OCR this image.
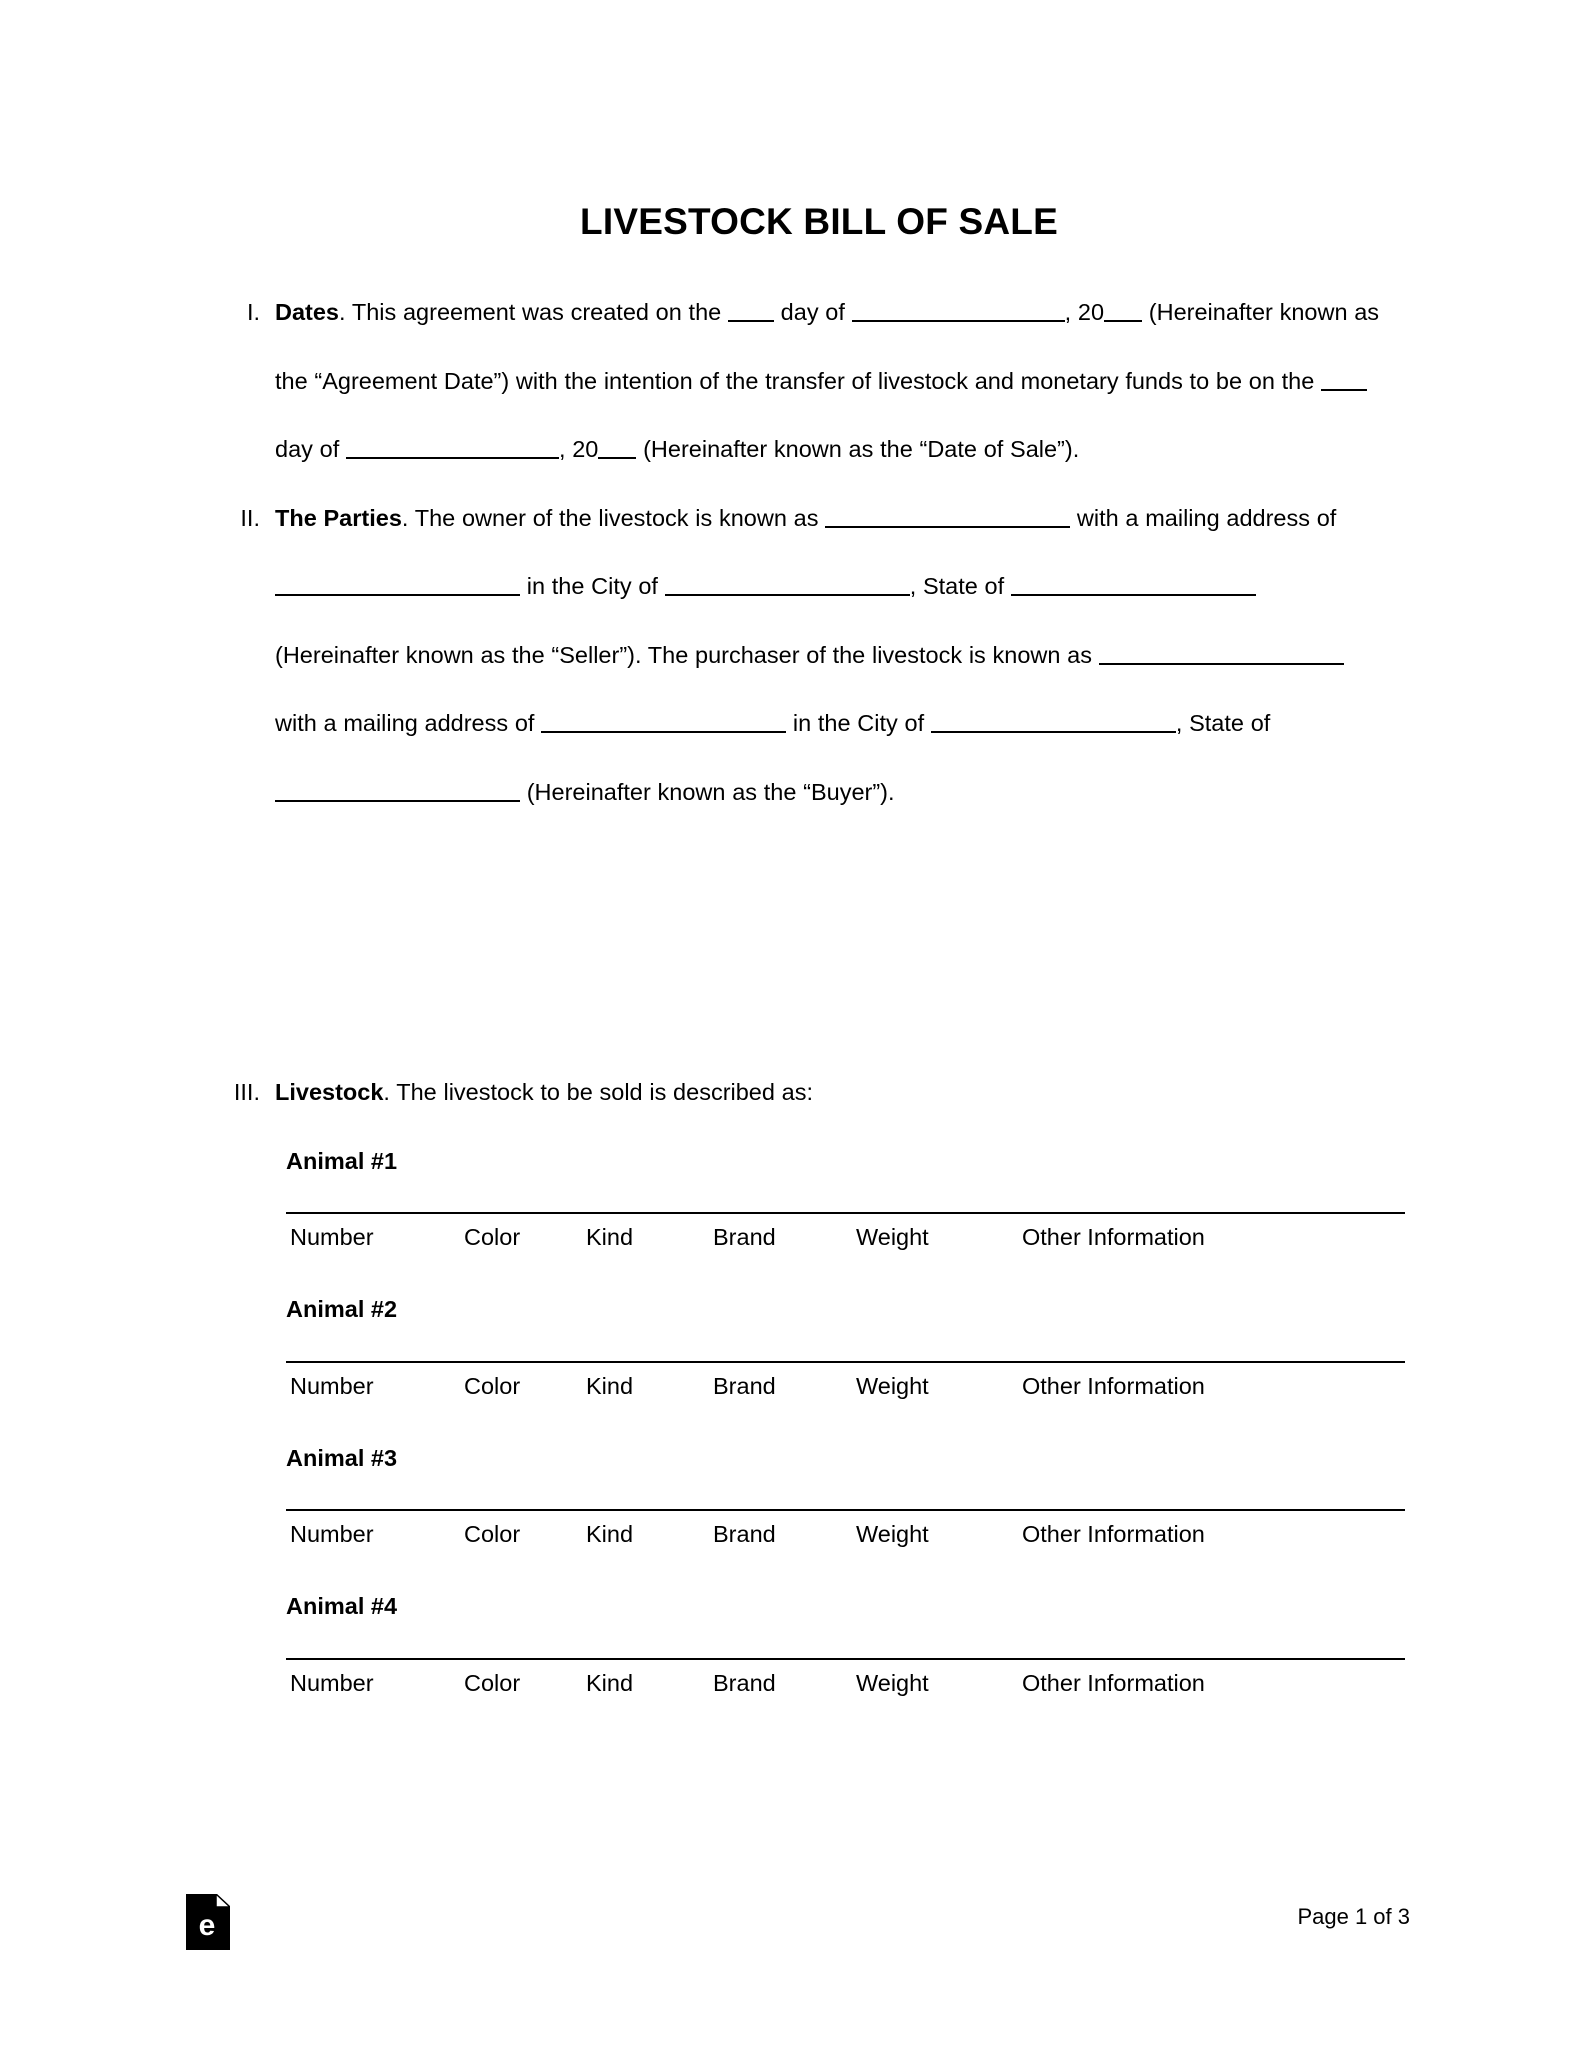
LIVESTOCK BILL OF SALE
I. Dates. This agreement was created on the  day of	, 20 (Hereinafter known as the “Agreement Date”) with the intention of the transfer of livestock and monetary funds to be on the  day of	, 20 (Hereinafter known as the “Date of Sale”).
II. The Parties. The owner of the livestock is known as	with a mailing address of  in the City of	, State of  (Hereinafter known as the “Seller”). The purchaser of the livestock is known as  with a mailing address of	in the City of	, State of  (Hereinafter known as the “Buyer”).
III. Livestock. The livestock to be sold is described as:
Animal #1
Number	Color	Kind	Brand	Weight	Other Information
Animal #2
Number	Color	Kind	Brand	Weight	Other Information
Animal #3
Number	Color	Kind	Brand	Weight	Other Information
Animal #4
Number	Color	Kind	Brand	Weight	Other Information
e	Page 1 of 3
